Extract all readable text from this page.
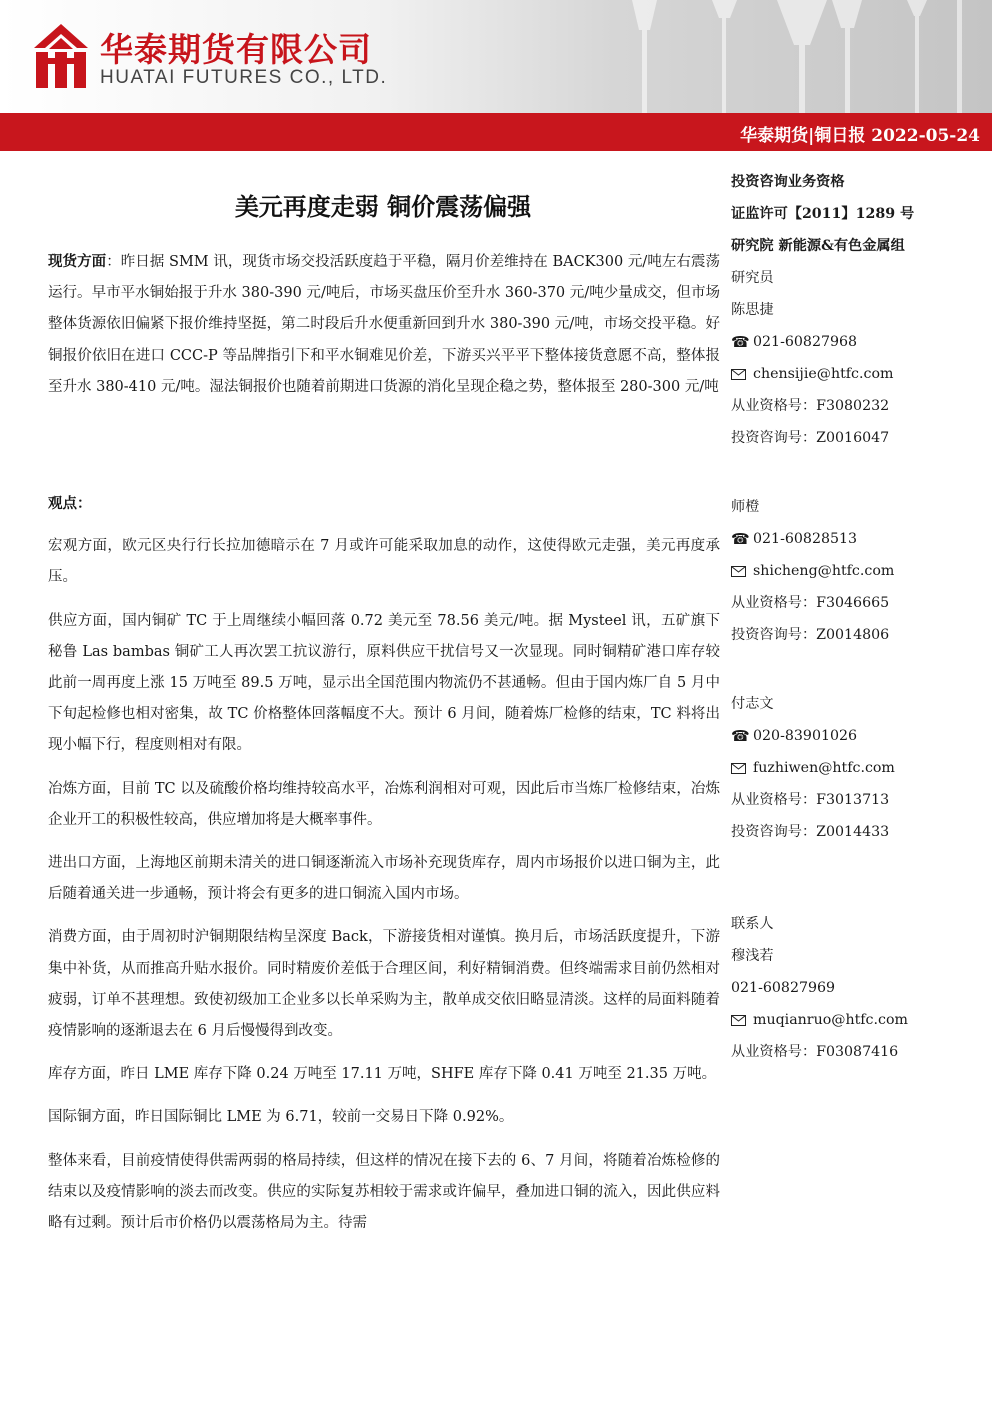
华泰期货有限公司
HUATAI FUTURES CO., LTD.
华泰期货|铜日报 2022-05-24
美元再度走弱 铜价震荡偏强

现货方面：昨日据 SMM 讯，现货市场交投活跃度趋于平稳，隔月价差维持在 BACK300 元/吨左右震荡运行。早市平水铜始报于升水 380-390 元/吨后，市场买盘压价至升水 360-370 元/吨少量成交，但市场整体货源依旧偏紧下报价维持坚挺，第二时段后升水便重新回到升水 380-390 元/吨，市场交投平稳。好铜报价依旧在进口 CCC-P 等品牌指引下和平水铜难见价差，下游买兴平平下整体接货意愿不高，整体报至升水 380-410 元/吨。湿法铜报价也随着前期进口货源的消化呈现企稳之势，整体报至 280-300 元/吨

观点：

宏观方面，欧元区央行行长拉加德暗示在 7 月或许可能采取加息的动作，这使得欧元走强，美元再度承压。

供应方面，国内铜矿 TC 于上周继续小幅回落 0.72 美元至 78.56 美元/吨。据 Mysteel 讯，五矿旗下秘鲁 Las bambas 铜矿工人再次罢工抗议游行，原料供应干扰信号又一次显现。同时铜精矿港口库存较此前一周再度上涨 15 万吨至 89.5 万吨，显示出全国范围内物流仍不甚通畅。但由于国内炼厂自 5 月中下旬起检修也相对密集，故 TC 价格整体回落幅度不大。预计 6 月间，随着炼厂检修的结束，TC 料将出现小幅下行，程度则相对有限。

冶炼方面，目前 TC 以及硫酸价格均维持较高水平，冶炼利润相对可观，因此后市当炼厂检修结束，冶炼企业开工的积极性较高，供应增加将是大概率事件。

进出口方面，上海地区前期未清关的进口铜逐渐流入市场补充现货库存，周内市场报价以进口铜为主，此后随着通关进一步通畅，预计将会有更多的进口铜流入国内市场。

消费方面，由于周初时沪铜期限结构呈深度 Back，下游接货相对谨慎。换月后，市场活跃度提升，下游集中补货，从而推高升贴水报价。同时精废价差低于合理区间，利好精铜消费。但终端需求目前仍然相对疲弱，订单不甚理想。致使初级加工企业多以长单采购为主，散单成交依旧略显清淡。这样的局面料随着疫情影响的逐渐退去在 6 月后慢慢得到改变。

库存方面，昨日 LME 库存下降 0.24 万吨至 17.11 万吨，SHFE 库存下降 0.41 万吨至 21.35 万吨。

国际铜方面，昨日国际铜比 LME 为 6.71，较前一交易日下降 0.92%。

整体来看，目前疫情使得供需两弱的格局持续，但这样的情况在接下去的 6、7 月间，将随着冶炼检修的结束以及疫情影响的淡去而改变。供应的实际复苏相较于需求或许偏早，叠加进口铜的流入，因此供应料略有过剩。预计后市价格仍以震荡格局为主。待需

投资咨询业务资格
证监许可【2011】1289 号
研究院 新能源&有色金属组
研究员
陈思捷
☎ 021-60827968
chensijie@htfc.com
从业资格号：F3080232
投资咨询号：Z0016047
师橙
☎ 021-60828513
shicheng@htfc.com
从业资格号：F3046665
投资咨询号：Z0014806
付志文
☎ 020-83901026
fuzhiwen@htfc.com
从业资格号：F3013713
投资咨询号：Z0014433
联系人
穆浅若
021-60827969
muqianruo@htfc.com
从业资格号：F03087416
